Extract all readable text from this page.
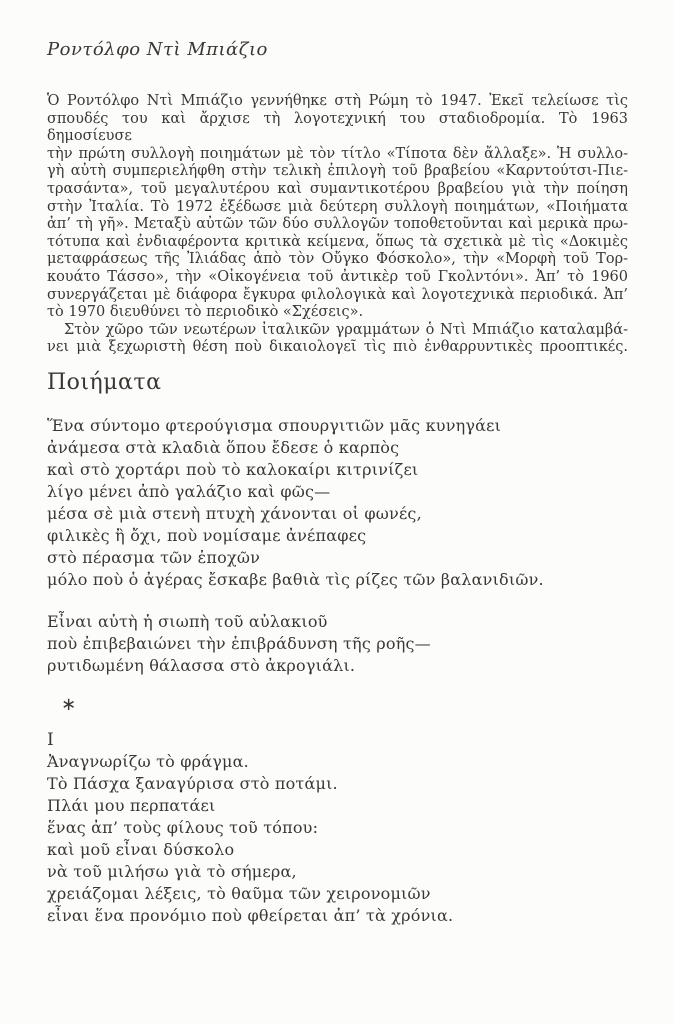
Ροντόλφο Ντὶ Μπιάζιο
Ὁ Ροντόλφο Ντὶ Μπιάζιο γεννήθηκε στὴ Ρώμη τὸ 1947. Ἐκεῖ τελείωσε τὶς
σπουδές του καὶ ἄρχισε τὴ λογοτεχνική του σταδιοδρομία. Τὸ 1963 δημοσίευσε
τὴν πρώτη συλλογὴ ποιημάτων μὲ τὸν τίτλο «Τίποτα δὲν ἄλλαξε». Ἡ συλλο-
γὴ αὐτὴ συμπεριελήφθη στὴν τελικὴ ἐπιλογὴ τοῦ βραβείου «Καρντούτσι-Πιε-
τρασάντα», τοῦ μεγαλυτέρου καὶ συμαντικοτέρου βραβείου γιὰ τὴν ποίηση
στὴν Ἰταλία. Τὸ 1972 ἐξέδωσε μιὰ δεύτερη συλλογὴ ποιημάτων, «Ποιήματα
ἀπ’ τὴ γῆ». Μεταξὺ αὐτῶν τῶν δύο συλλογῶν τοποθετοῦνται καὶ μερικὰ πρω-
τότυπα καὶ ἐνδιαφέροντα κριτικὰ κείμενα, ὅπως τὰ σχετικὰ μὲ τὶς «Δοκιμὲς
μεταφράσεως τῆς Ἰλιάδας ἀπὸ τὸν Οὔγκο Φόσκολο», τὴν «Μορφὴ τοῦ Τορ-
κουάτο Τάσσο», τὴν «Οἰκογένεια τοῦ ἀντικὲρ τοῦ Γκολντόνι». Ἀπ’ τὸ 1960
συνεργάζεται μὲ διάφορα ἔγκυρα φιλολογικὰ καὶ λογοτεχνικὰ περιοδικά. Ἀπ’
τὸ 1970 διευθύνει τὸ περιοδικὸ «Σχέσεις».
Στὸν χῶρο τῶν νεωτέρων ἰταλικῶν γραμμάτων ὁ Ντὶ Μπιάζιο καταλαμβά-
νει μιὰ ξεχωριστὴ θέση ποὺ δικαιολογεῖ τὶς πιὸ ἐνθαρρυντικὲς προοπτικές.
Ποιήματα
Ἕνα σύντομο φτερούγισμα σπουργιτιῶν μᾶς κυνηγάει
ἀνάμεσα στὰ κλαδιὰ ὅπου ἔδεσε ὁ καρπὸς
καὶ στὸ χορτάρι ποὺ τὸ καλοκαίρι κιτρινίζει
λίγο μένει ἀπὸ γαλάζιο καὶ φῶς—
μέσα σὲ μιὰ στενὴ πτυχὴ χάνονται οἱ φωνές,
φιλικὲς ἢ ὄχι, ποὺ νομίσαμε ἀνέπαφες
στὸ πέρασμα τῶν ἐποχῶν
μόλο ποὺ ὁ ἀγέρας ἔσκαβε βαθιὰ τὶς ρίζες τῶν βαλανιδιῶν.
Εἶναι αὐτὴ ἡ σιωπὴ τοῦ αὐλακιοῦ
ποὺ ἐπιβεβαιώνει τὴν ἐπιβράδυνση τῆς ροῆς—
ρυτιδωμένη θάλασσα στὸ ἀκρογιάλι.
∗
I
Ἀναγνωρίζω τὸ φράγμα.
Τὸ Πάσχα ξαναγύρισα στὸ ποτάμι.
Πλάι μου περπατάει
ἕνας ἀπ’ τοὺς φίλους τοῦ τόπου:
καὶ μοῦ εἶναι δύσκολο
νὰ τοῦ μιλήσω γιὰ τὸ σήμερα,
χρειάζομαι λέξεις, τὸ θαῦμα τῶν χειρονομιῶν
εἶναι ἕνα προνόμιο ποὺ φθείρεται ἀπ’ τὰ χρόνια.
